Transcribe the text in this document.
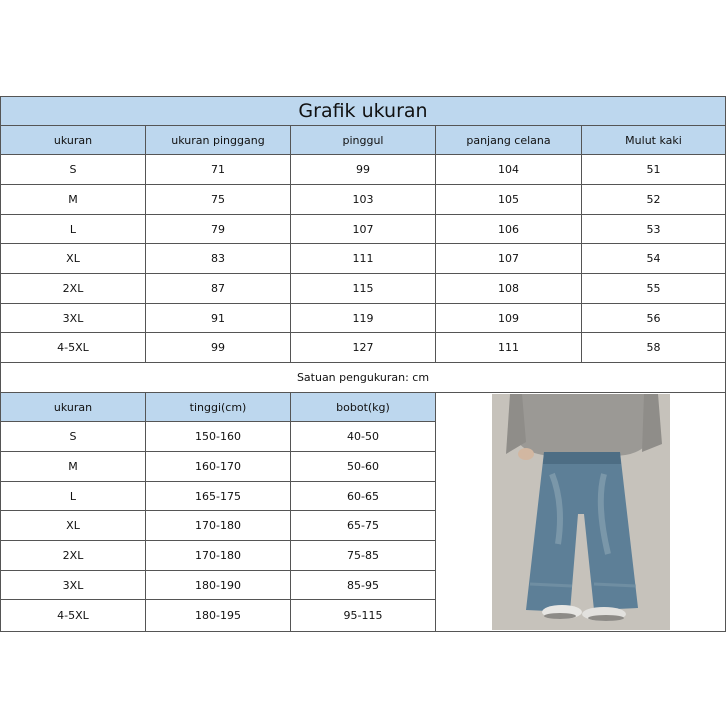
Grafik ukuran
ukuran	ukuran pinggang	pinggul	panjang celana	Mulut kaki
S	71	99	104	51
M	75	103	105	52
L	79	107	106	53
XL	83	111	107	54
2XL	87	115	108	55
3XL	91	119	109	56
4-5XL	99	127	111	58
Satuan pengukuran: cm
ukuran	tinggi(cm)	bobot(kg)
S	150-160	40-50
M	160-170	50-60
L	165-175	60-65
XL	170-180	65-75
2XL	170-180	75-85
3XL	180-190	85-95
4-5XL	180-195	95-115
